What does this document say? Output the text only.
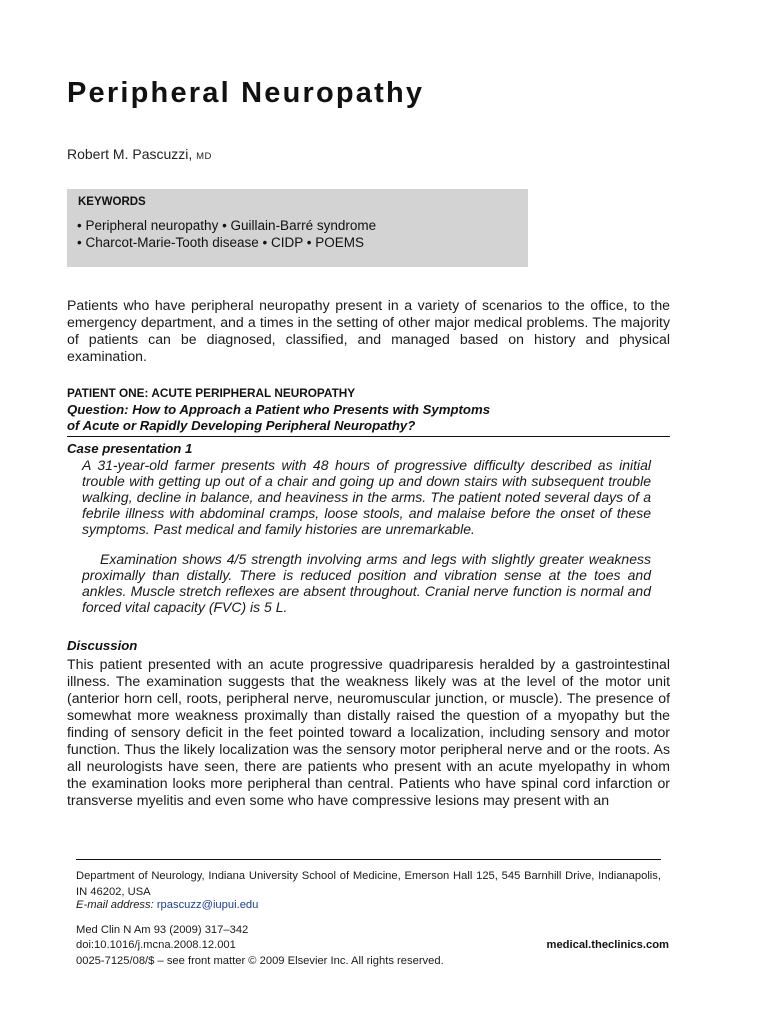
Peripheral Neuropathy
Robert M. Pascuzzi, MD
KEYWORDS
• Peripheral neuropathy • Guillain-Barré syndrome
• Charcot-Marie-Tooth disease • CIDP • POEMS

Patients who have peripheral neuropathy present in a variety of scenarios to the office, to the emergency department, and a times in the setting of other major medical problems. The majority of patients can be diagnosed, classified, and managed based on history and physical examination.

PATIENT ONE: ACUTE PERIPHERAL NEUROPATHY
Question: How to Approach a Patient who Presents with Symptoms
of Acute or Rapidly Developing Peripheral Neuropathy?
Case presentation 1

A 31-year-old farmer presents with 48 hours of progressive difficulty described as initial trouble with getting up out of a chair and going up and down stairs with subsequent trouble walking, decline in balance, and heaviness in the arms. The patient noted several days of a febrile illness with abdominal cramps, loose stools, and malaise before the onset of these symptoms. Past medical and family histories are unremarkable.

Examination shows 4/5 strength involving arms and legs with slightly greater weakness proximally than distally. There is reduced position and vibration sense at the toes and ankles. Muscle stretch reflexes are absent throughout. Cranial nerve function is normal and forced vital capacity (FVC) is 5 L.

Discussion

This patient presented with an acute progressive quadriparesis heralded by a gastrointestinal illness. The examination suggests that the weakness likely was at the level of the motor unit (anterior horn cell, roots, peripheral nerve, neuromuscular junction, or muscle). The presence of somewhat more weakness proximally than distally raised the question of a myopathy but the finding of sensory deficit in the feet pointed toward a localization, including sensory and motor function. Thus the likely localization was the sensory motor peripheral nerve and or the roots. As all neurologists have seen, there are patients who present with an acute myelopathy in whom the examination looks more peripheral than central. Patients who have spinal cord infarction or transverse myelitis and even some who have compressive lesions may present with an

Department of Neurology, Indiana University School of Medicine, Emerson Hall 125, 545 Barnhill Drive, Indianapolis, IN 46202, USA

E-mail address: rpascuzz@iupui.edu
Med Clin N Am 93 (2009) 317–342
doi:10.1016/j.mcna.2008.12.001	medical.theclinics.com
0025-7125/08/$ – see front matter © 2009 Elsevier Inc. All rights reserved.
